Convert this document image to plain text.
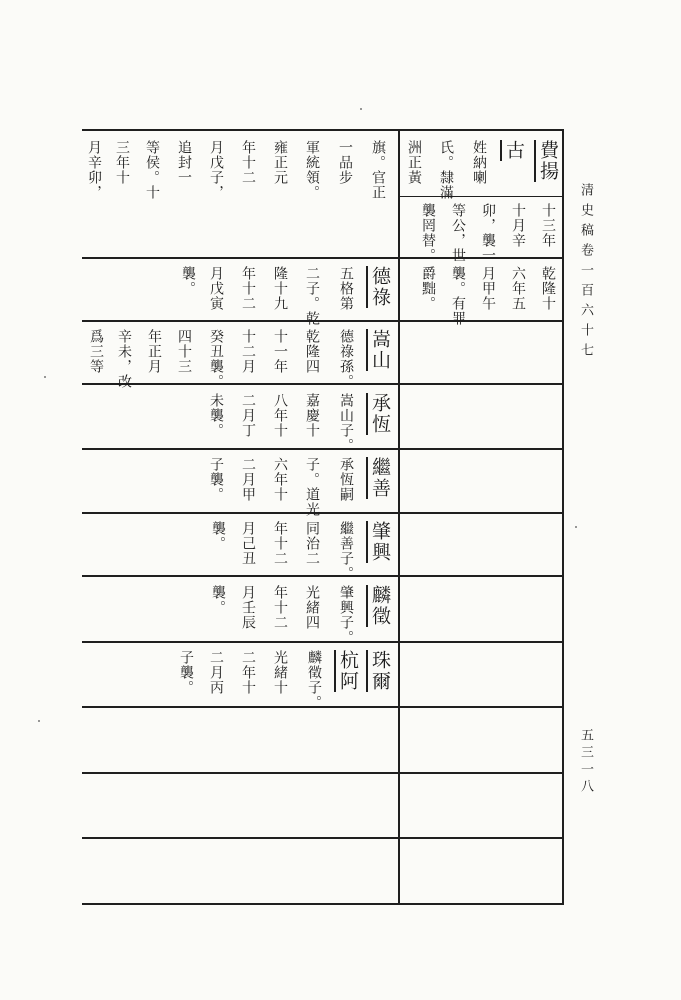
清史稿卷一百六十七
五三一八
費揚
古
姓納喇
氏。隸滿
洲正黃
旗。官正
一品步
軍統領。
雍正元
年十二
月戊子，
追封一
等侯。十
三年十
月辛卯，
十三年
十月辛
卯，襲一
等公，世
襲罔替。
德祿
五格第
二子。乾
隆十九
年十二
月戊寅
襲。	乾隆十
六年五
月甲午
襲。有罪
爵黜。
嵩山
德祿孫。
乾隆四
十一年
十二月
癸丑襲。
四十三
年正月
辛未，改
爲三等
承恆
嵩山子。
嘉慶十
八年十
二月丁
未襲。
繼善
承恆嗣
子。道光
六年十
二月甲
子襲。
肇興
繼善子。
同治二
年十二
月己丑
襲。
麟徵
肇興子。
光緒四
年十二
月壬辰
襲。
珠爾
杭阿
麟徵子。
光緒十
二年十
二月丙
子襲。
